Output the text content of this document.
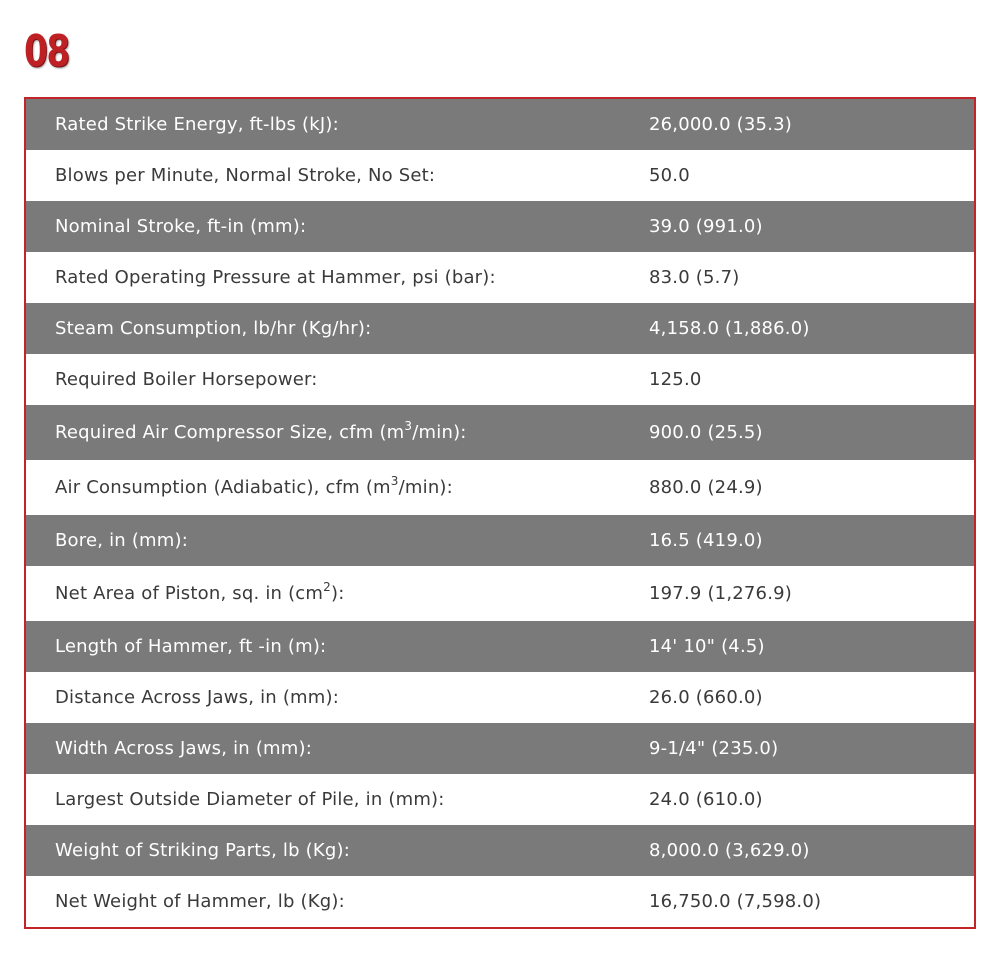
08
Rated Strike Energy, ft-lbs (kJ):	26,000.0 (35.3)
Blows per Minute, Normal Stroke, No Set:	50.0
Nominal Stroke, ft-in (mm):	39.0 (991.0)
Rated Operating Pressure at Hammer, psi (bar):	83.0 (5.7)
Steam Consumption, lb/hr (Kg/hr):	4,158.0 (1,886.0)
Required Boiler Horsepower:	125.0
Required Air Compressor Size, cfm $(m^3/\min)$:	900.0 (25.5)
Air Consumption (Adiabatic), cfm $(m^3/\min)$:	880.0 (24.9)
Bore, in (mm):	16.5 (419.0)
Net Area of Piston, sq. in $(cm^2)$:	197.9 (1,276.9)
Length of Hammer, ft -in (m):	14' 10" (4.5)
Distance Across Jaws, in (mm):	26.0 (660.0)
Width Across Jaws, in (mm):	9-1/4" (235.0)
Largest Outside Diameter of Pile, in (mm):	24.0 (610.0)
Weight of Striking Parts, lb (Kg):	8,000.0 (3,629.0)
Net Weight of Hammer, lb (Kg):	16,750.0 (7,598.0)
